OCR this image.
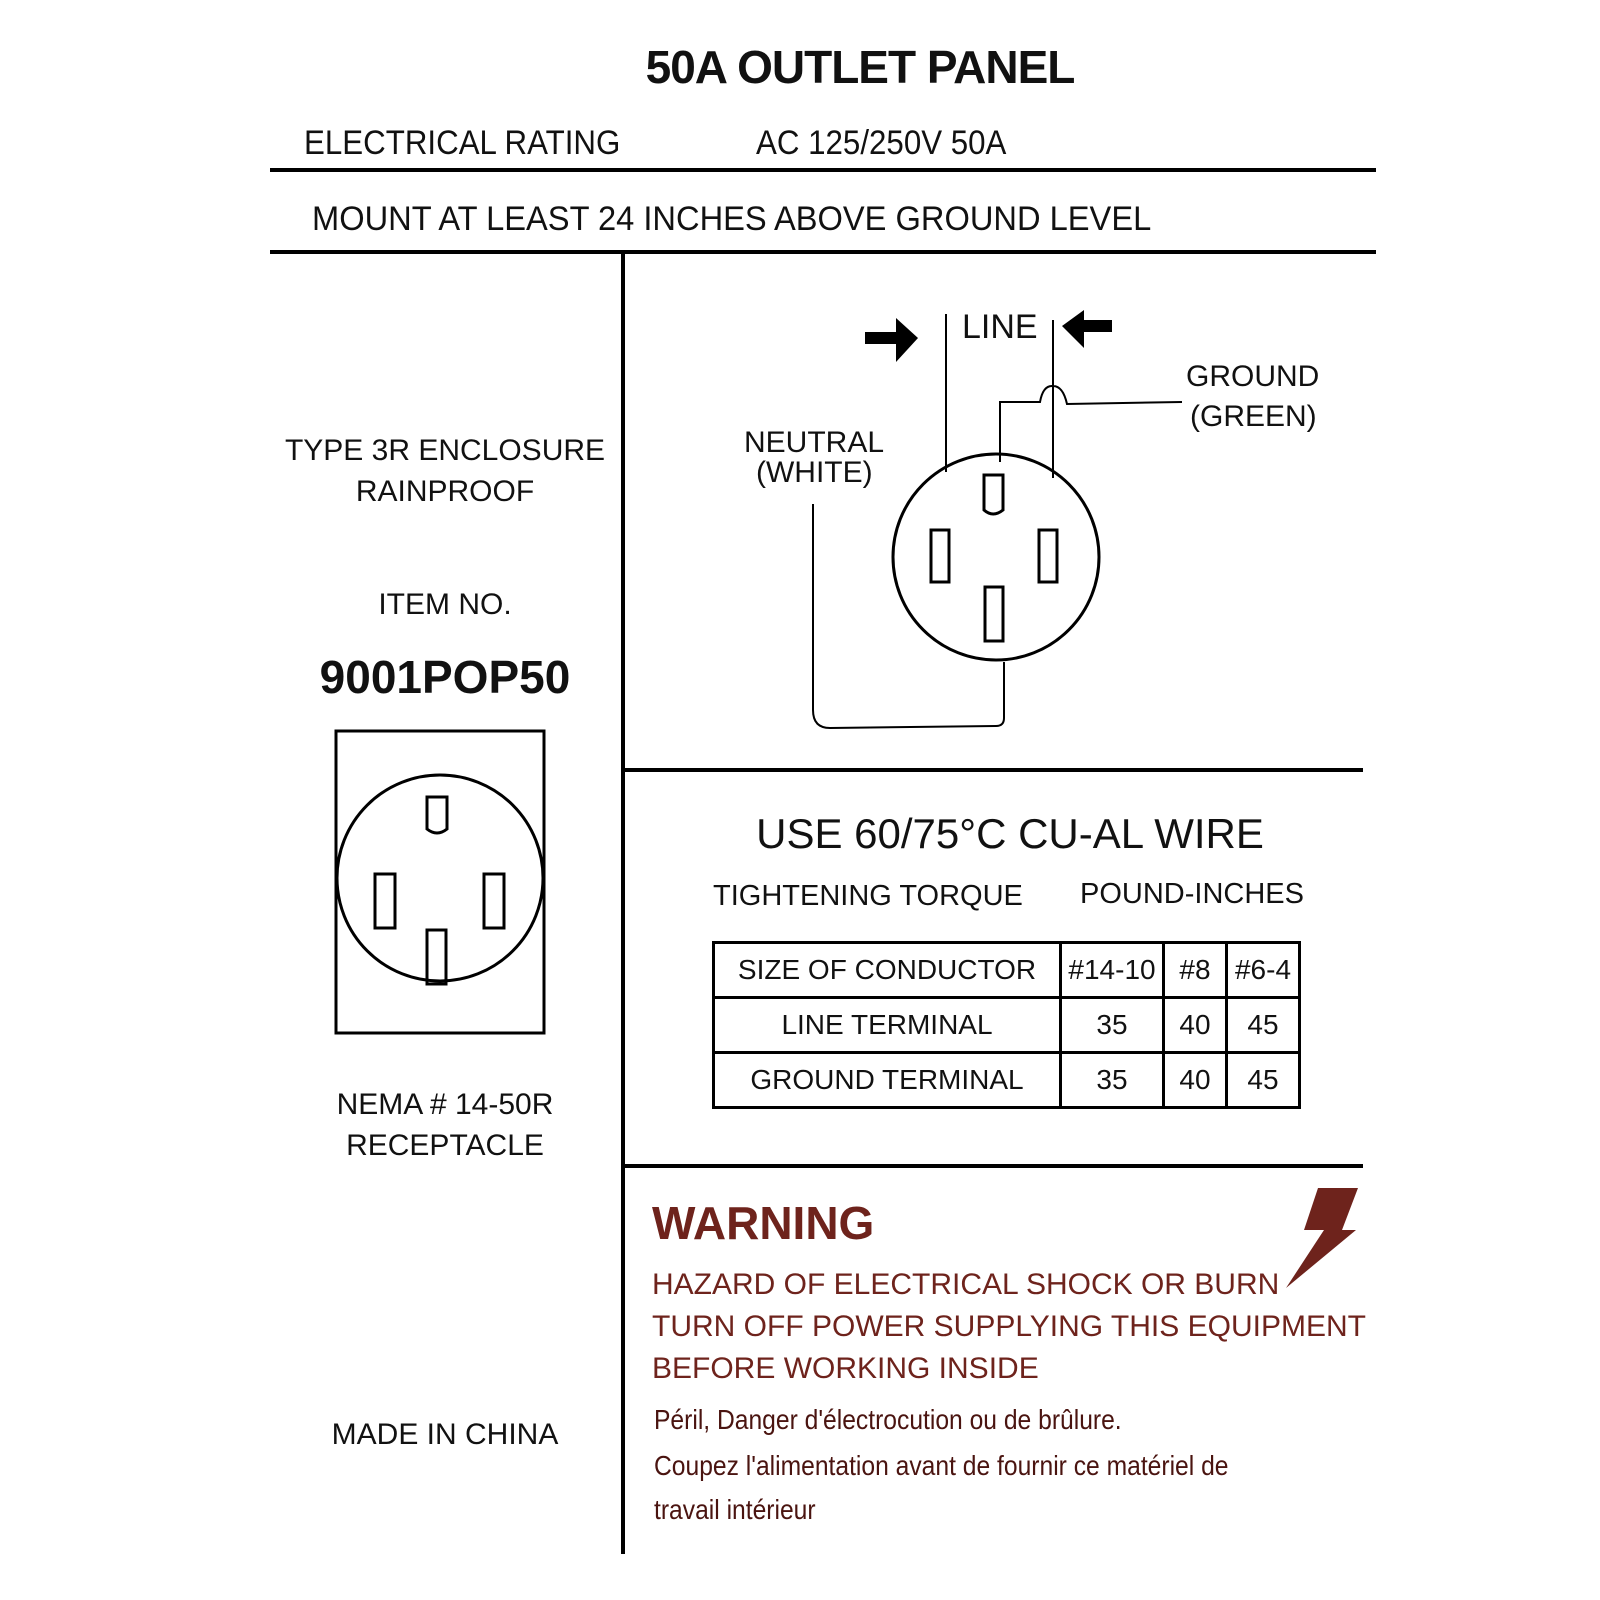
50A OUTLET PANEL
ELECTRICAL RATING	AC 125/250V 50A
MOUNT AT LEAST 24 INCHES ABOVE GROUND LEVEL
TYPE 3R ENCLOSURE
RAINPROOF
ITEM NO.
9001POP50
NEMA # 14-50R
RECEPTACLE
MADE IN CHINA
LINE
GROUND
(GREEN)
NEUTRAL
(WHITE)
USE 60/75°C CU-AL WIRE
TIGHTENING TORQUE POUND-INCHES
SIZE OF CONDUCTOR	#14-10	#8	#6-4
LINE TERMINAL	35	40	45
GROUND TERMINAL	35	40	45
WARNING
HAZARD OF ELECTRICAL SHOCK OR BURN
TURN OFF POWER SUPPLYING THIS EQUIPMENT
BEFORE WORKING INSIDE
Péril, Danger d'électrocution ou de brûlure.
Coupez l'alimentation avant de fournir ce matériel de
travail intérieur
